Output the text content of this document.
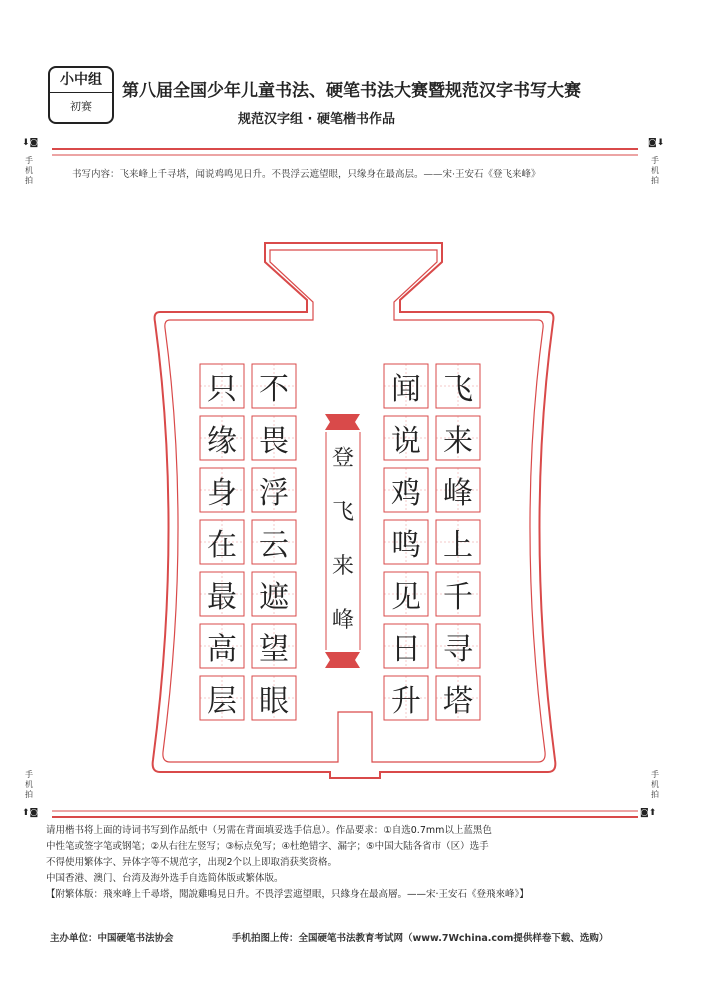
小中组
初赛
第八届全国少年儿童书法、硬笔书法大赛暨规范汉字书写大赛
规范汉字组 · 硬笔楷书作品
⬇◙	◙⬇
⬆◙	◙⬆
手机拍
手机拍
手机拍
手机拍
登
飞
来
峰
飞
来
峰
上
千
寻
塔
闻
说
鸡
鸣
见
日
升
不
畏
浮
云
遮
望
眼
只
缘
身
在
最
高
层
书写内容：飞来峰上千寻塔，闻说鸡鸣见日升。不畏浮云遮望眼，只缘身在最高层。——宋·王安石《登飞来峰》
请用楷书将上面的诗词书写到作品纸中（另需在背面填妥选手信息）。作品要求：①自选0.7mm以上蓝黑色
中性笔或签字笔或钢笔；②从右往左竖写；③标点免写；④杜绝错字、漏字；⑤中国大陆各省市（区）选手
不得使用繁体字、异体字等不规范字，出现2个以上即取消获奖资格。
中国香港、澳门、台湾及海外选手自选简体版或繁体版。
【附繁体版：飛來峰上千尋塔，聞說雞鳴見日升。不畏浮雲遮望眼，只緣身在最高層。——宋·王安石《登飛來峰》】
主办单位：中国硬笔书法协会	手机拍图上传：全国硬笔书法教育考试网（www.7Wchina.com提供样卷下载、选购）
